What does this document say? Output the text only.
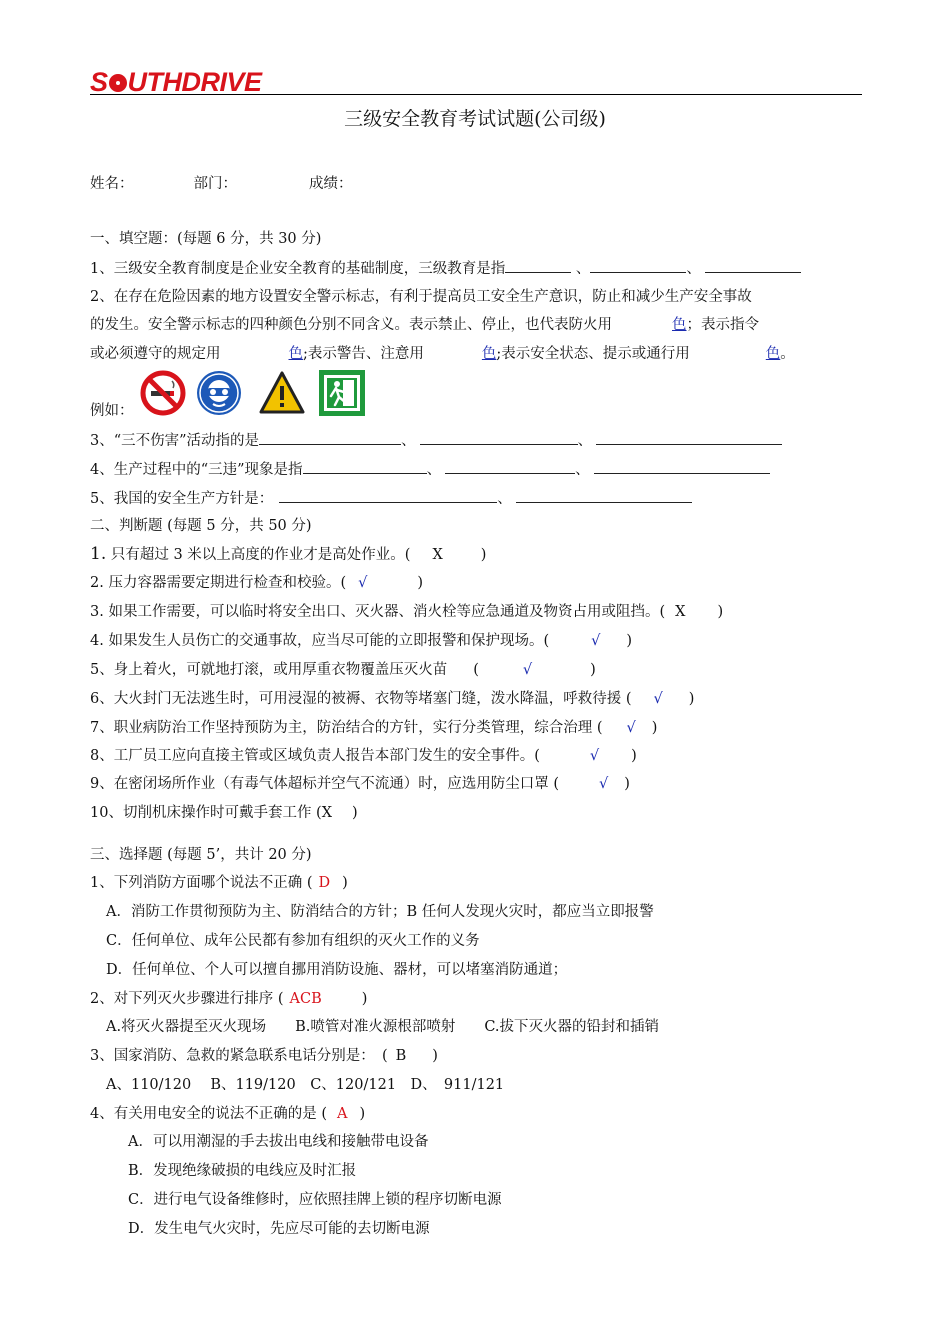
S UTHDRIVE
三级安全教育考试试题(公司级)
姓名：	部门：	成绩：
一、填空题：(每题 6 分，共 30 分)
1、三级安全教育制度是企业安全教育的基础制度，三级教育是指	、	、
2、在存在危险因素的地方设置安全警示标志，有利于提高员工安全生产意识，防止和减少生产安全事故
的发生。安全警示标志的四种颜色分别不同含义。表示禁止、停止，也代表防火用	色；表示指令
或必须遵守的规定用	色;表示警告、注意用	色;表示安全状态、提示或通行用	色。
例如：
3、“三不伤害”活动指的是	、	、
4、生产过程中的“三违”现象是指	、	、
5、我国的安全生产方针是：	、
二、判断题 (每题 5 分，共 50 分)
1. 只有超过 3 米以上高度的作业才是高处作业。( X	)
2. 压力容器需要定期进行检查和校验。( √	)
3. 如果工作需要，可以临时将安全出口、灭火器、消火栓等应急通道及物资占用或阻挡。( X )
4. 如果发生人员伤亡的交通事故，应当尽可能的立即报警和保护现场。(	√ )
5、身上着火，可就地打滚，或用厚重衣物覆盖压灭火苗 (	√	)
6、大火封门无法逃生时，可用浸湿的被褥、衣物等堵塞门缝，泼水降温，呼救待援 ( √ )
7、职业病防治工作坚持预防为主，防治结合的方针，实行分类管理，综合治理 ( √ )
8、工厂员工应向直接主管或区域负责人报告本部门发生的安全事件。(	√ )
9、在密闭场所作业（有毒气体超标并空气不流通）时，应选用防尘口罩 (	√ )
10、切削机床操作时可戴手套工作 (X )
三、选择题 (每题 5’，共计 20 分)
1、下列消防方面哪个说法不正确 ( D )
A．消防工作贯彻预防为主、防消结合的方针；B 任何人发现火灾时，都应当立即报警
C．任何单位、成年公民都有参加有组织的灭火工作的义务
D．任何单位、个人可以擅自挪用消防设施、器材，可以堵塞消防通道；
2、对下列灭火步骤进行排序 ( ACB	)
A.将灭火器提至灭火现场　　B.喷管对准火源根部喷射　　C.拔下灭火器的铅封和插销
3、国家消防、急救的紧急联系电话分别是：　( B )
A、110/120　 B、119/120　C、120/121　D、　911/121
4、有关用电安全的说法不正确的是 ( A )
A．可以用潮湿的手去拔出电线和接触带电设备
B．发现绝缘破损的电线应及时汇报
C．进行电气设备维修时，应依照挂牌上锁的程序切断电源
D．发生电气火灾时，先应尽可能的去切断电源
